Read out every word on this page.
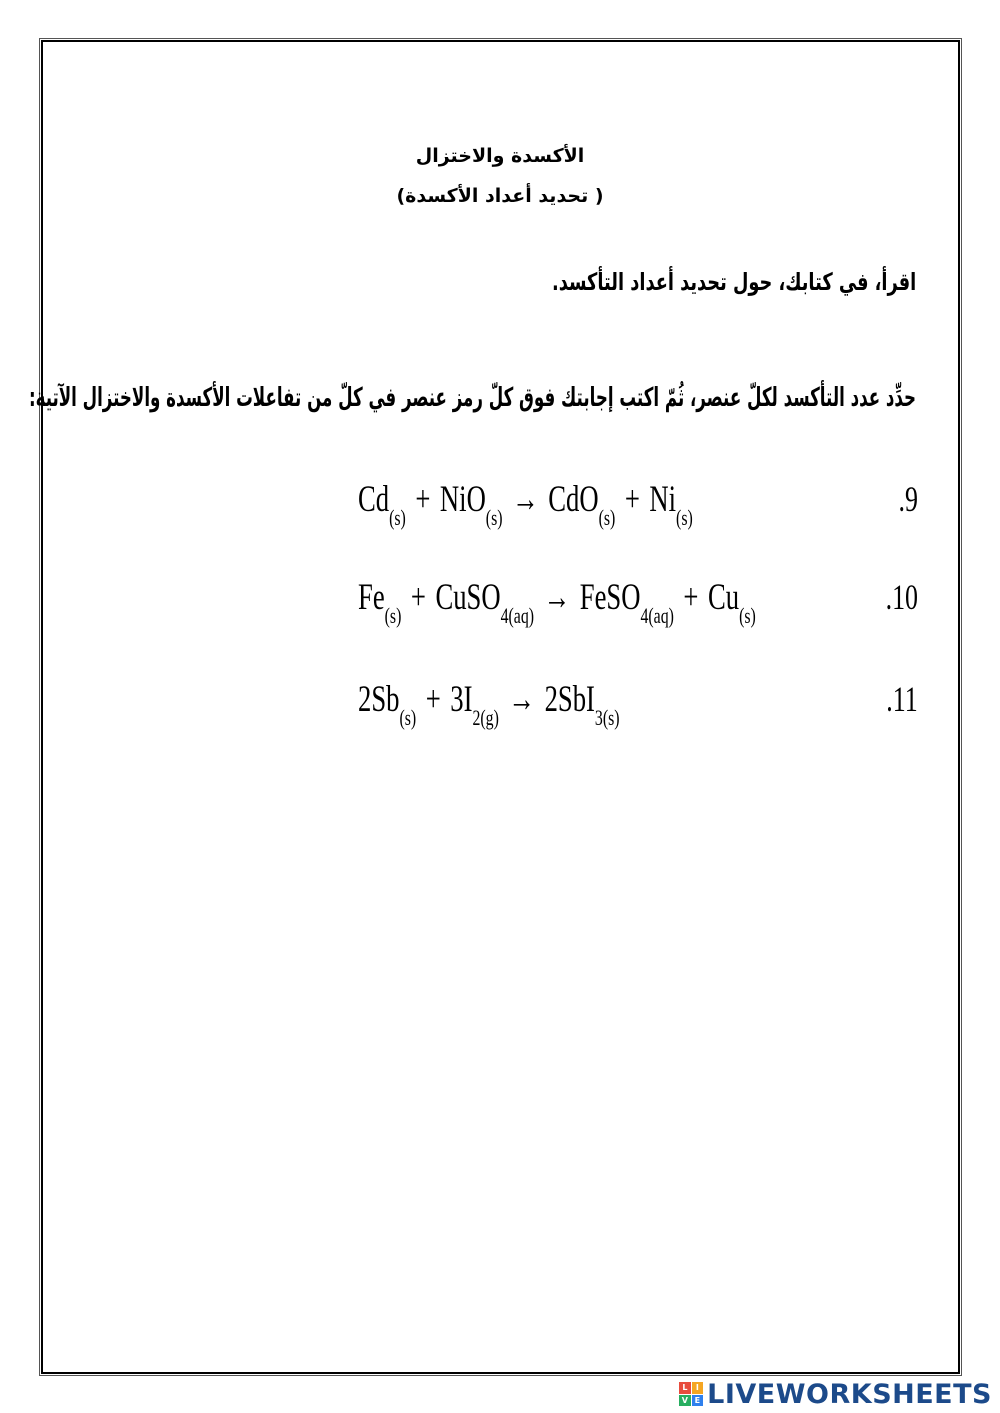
الأكسدة والاختزال
( تحديد أعداد الأكسدة)
اقرأ، في كتابك، حول تحديد أعداد التأكسد.
حدِّد عدد التأكسد لكلّ عنصر، ثُمّ اكتب إجابتك فوق كلّ رمز عنصر في كلّ من تفاعلات الأكسدة والاختزال الآتية:
$Cd_{(s)} + NiO_{(s)} \to CdO_{(s)} + Ni_{(s)}$	.9
$Fe_{(s)}$ + CuSO$_{4(aq)}$ → FeSO$_{4(aq)}$ + $Cu_{(s)}$	.10
$2Sb_{(s)} + 3I_{2(g)} \to 2SbI_{3(s)}$	.11
L	I
V E LIVEWORKSHEETS
